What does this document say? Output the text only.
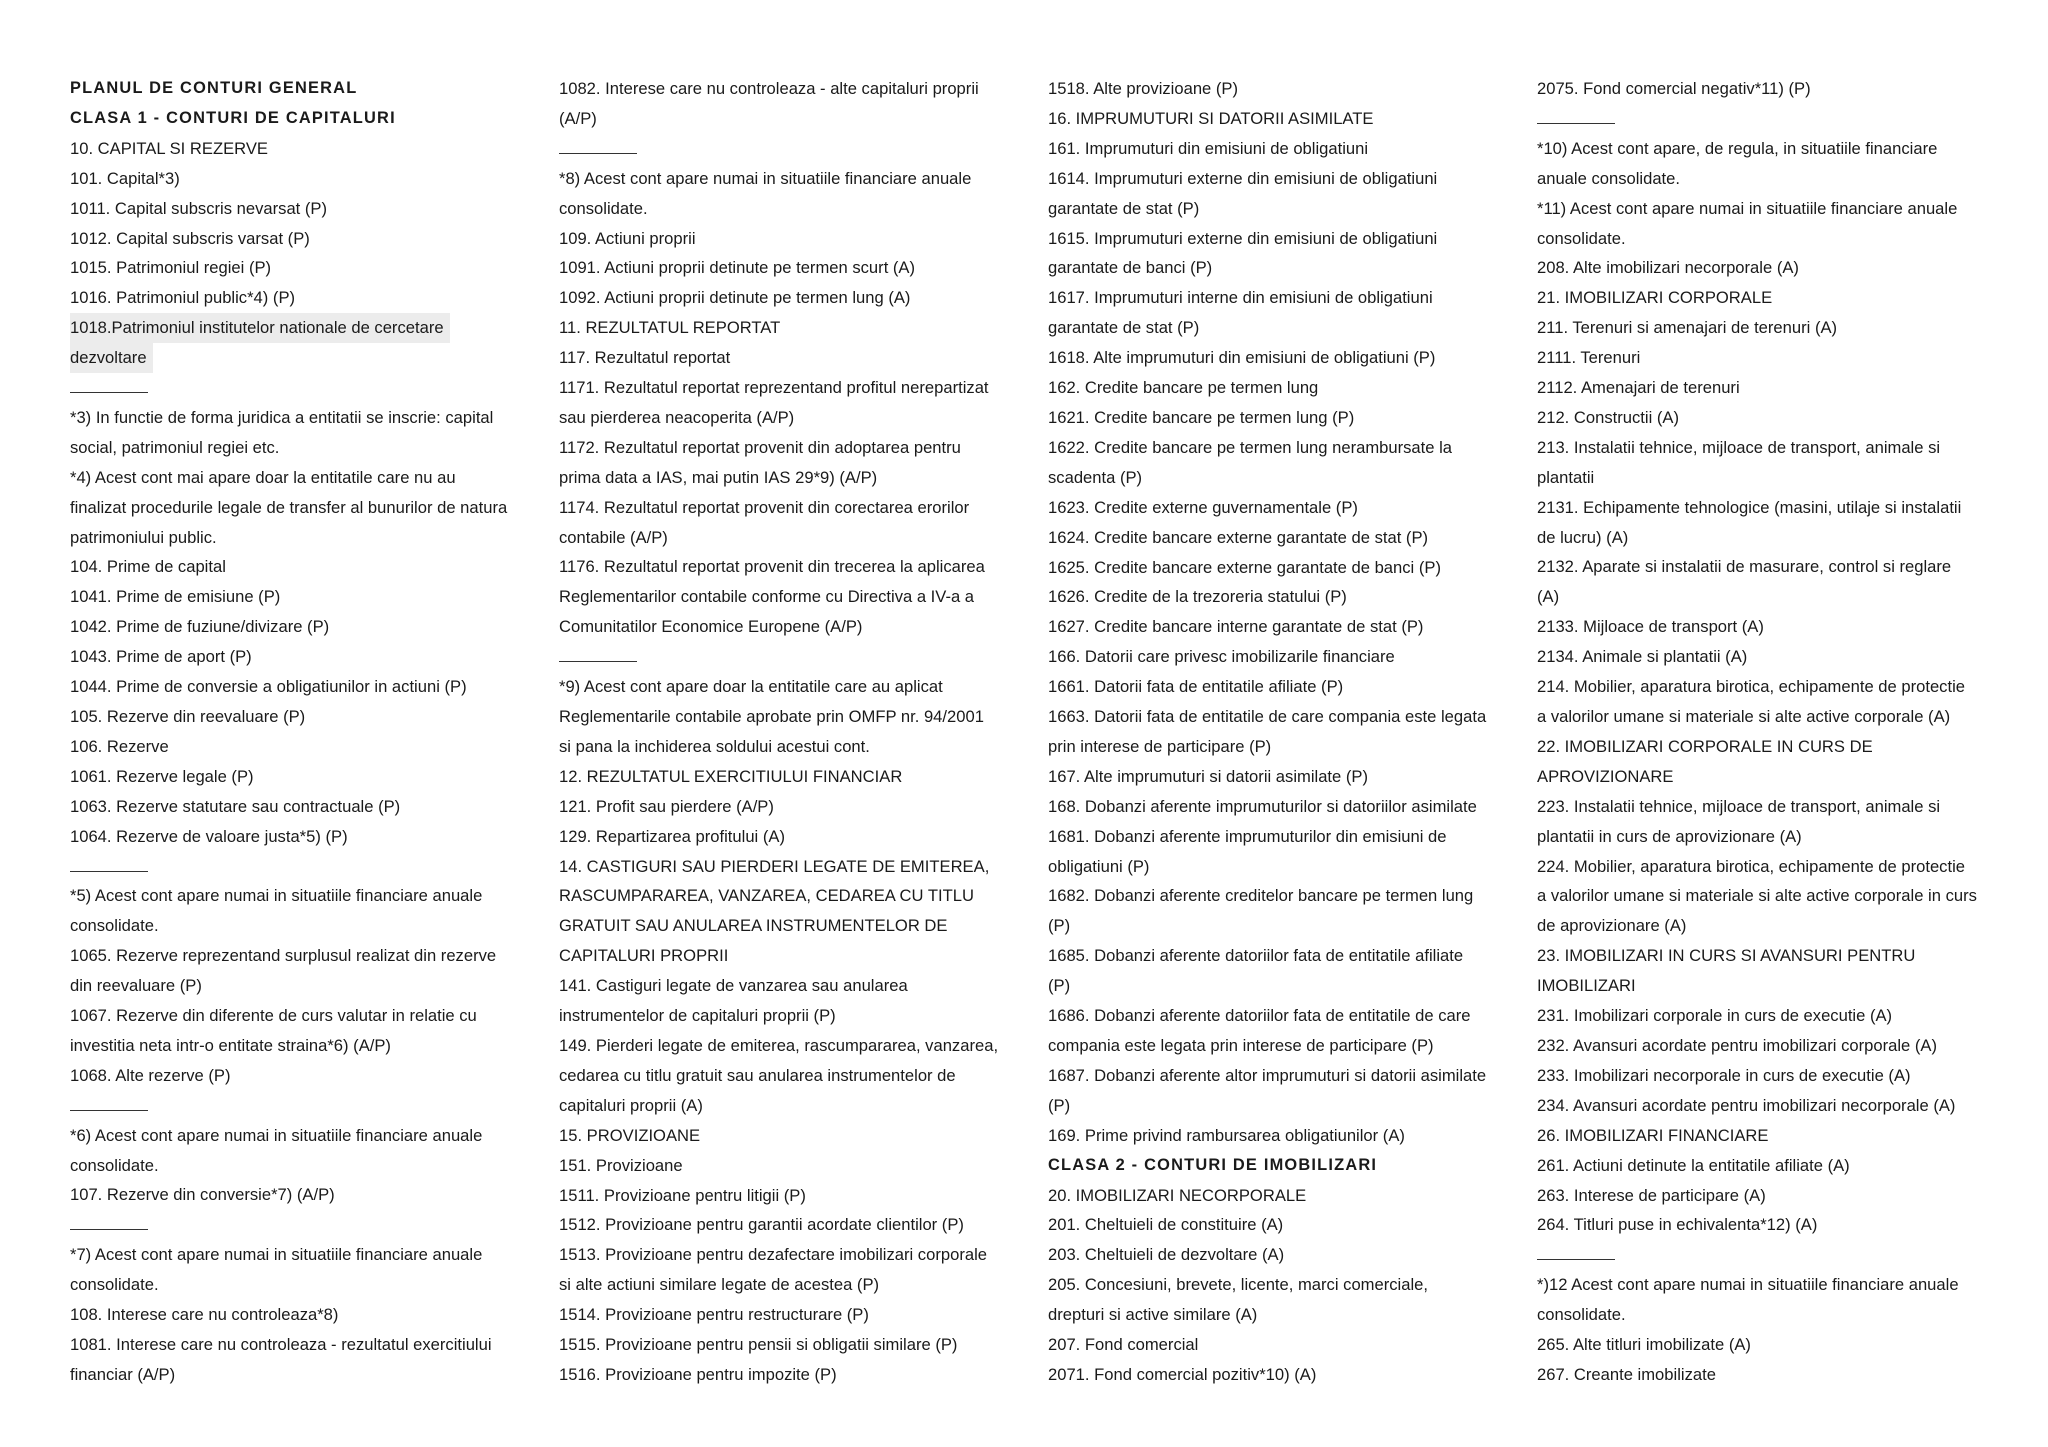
PLANUL DE CONTURI GENERAL
CLASA 1 - CONTURI DE CAPITALURI
10. CAPITAL SI REZERVE
101. Capital*3)
1011. Capital subscris nevarsat (P)
1012. Capital subscris varsat (P)
1015. Patrimoniul regiei (P)
1016. Patrimoniul public*4) (P)
1018.Patrimoniul institutelor nationale de cercetare
dezvoltare
*3) In functie de forma juridica a entitatii se inscrie: capital
social, patrimoniul regiei etc.
*4) Acest cont mai apare doar la entitatile care nu au
finalizat procedurile legale de transfer al bunurilor de natura
patrimoniului public.
104. Prime de capital
1041. Prime de emisiune (P)
1042. Prime de fuziune/divizare (P)
1043. Prime de aport (P)
1044. Prime de conversie a obligatiunilor in actiuni (P)
105. Rezerve din reevaluare (P)
106. Rezerve
1061. Rezerve legale (P)
1063. Rezerve statutare sau contractuale (P)
1064. Rezerve de valoare justa*5) (P)
*5) Acest cont apare numai in situatiile financiare anuale
consolidate.
1065. Rezerve reprezentand surplusul realizat din rezerve
din reevaluare (P)
1067. Rezerve din diferente de curs valutar in relatie cu
investitia neta intr-o entitate straina*6) (A/P)
1068. Alte rezerve (P)
*6) Acest cont apare numai in situatiile financiare anuale
consolidate.
107. Rezerve din conversie*7) (A/P)
*7) Acest cont apare numai in situatiile financiare anuale
consolidate.
108. Interese care nu controleaza*8)
1081. Interese care nu controleaza - rezultatul exercitiului
financiar (A/P)
1082. Interese care nu controleaza - alte capitaluri proprii
(A/P)
*8) Acest cont apare numai in situatiile financiare anuale
consolidate.
109. Actiuni proprii
1091. Actiuni proprii detinute pe termen scurt (A)
1092. Actiuni proprii detinute pe termen lung (A)
11. REZULTATUL REPORTAT
117. Rezultatul reportat
1171. Rezultatul reportat reprezentand profitul nerepartizat
sau pierderea neacoperita (A/P)
1172. Rezultatul reportat provenit din adoptarea pentru
prima data a IAS, mai putin IAS 29*9) (A/P)
1174. Rezultatul reportat provenit din corectarea erorilor
contabile (A/P)
1176. Rezultatul reportat provenit din trecerea la aplicarea
Reglementarilor contabile conforme cu Directiva a IV-a a
Comunitatilor Economice Europene (A/P)
*9) Acest cont apare doar la entitatile care au aplicat
Reglementarile contabile aprobate prin OMFP nr. 94/2001
si pana la inchiderea soldului acestui cont.
12. REZULTATUL EXERCITIULUI FINANCIAR
121. Profit sau pierdere (A/P)
129. Repartizarea profitului (A)
14. CASTIGURI SAU PIERDERI LEGATE DE EMITEREA,
RASCUMPARAREA, VANZAREA, CEDAREA CU TITLU
GRATUIT SAU ANULAREA INSTRUMENTELOR DE
CAPITALURI PROPRII
141. Castiguri legate de vanzarea sau anularea
instrumentelor de capitaluri proprii (P)
149. Pierderi legate de emiterea, rascumpararea, vanzarea,
cedarea cu titlu gratuit sau anularea instrumentelor de
capitaluri proprii (A)
15. PROVIZIOANE
151. Provizioane
1511. Provizioane pentru litigii (P)
1512. Provizioane pentru garantii acordate clientilor (P)
1513. Provizioane pentru dezafectare imobilizari corporale
si alte actiuni similare legate de acestea (P)
1514. Provizioane pentru restructurare (P)
1515. Provizioane pentru pensii si obligatii similare (P)
1516. Provizioane pentru impozite (P)
1518. Alte provizioane (P)
16. IMPRUMUTURI SI DATORII ASIMILATE
161. Imprumuturi din emisiuni de obligatiuni
1614. Imprumuturi externe din emisiuni de obligatiuni
garantate de stat (P)
1615. Imprumuturi externe din emisiuni de obligatiuni
garantate de banci (P)
1617. Imprumuturi interne din emisiuni de obligatiuni
garantate de stat (P)
1618. Alte imprumuturi din emisiuni de obligatiuni (P)
162. Credite bancare pe termen lung
1621. Credite bancare pe termen lung (P)
1622. Credite bancare pe termen lung nerambursate la
scadenta (P)
1623. Credite externe guvernamentale (P)
1624. Credite bancare externe garantate de stat (P)
1625. Credite bancare externe garantate de banci (P)
1626. Credite de la trezoreria statului (P)
1627. Credite bancare interne garantate de stat (P)
166. Datorii care privesc imobilizarile financiare
1661. Datorii fata de entitatile afiliate (P)
1663. Datorii fata de entitatile de care compania este legata
prin interese de participare (P)
167. Alte imprumuturi si datorii asimilate (P)
168. Dobanzi aferente imprumuturilor si datoriilor asimilate
1681. Dobanzi aferente imprumuturilor din emisiuni de
obligatiuni (P)
1682. Dobanzi aferente creditelor bancare pe termen lung
(P)
1685. Dobanzi aferente datoriilor fata de entitatile afiliate
(P)
1686. Dobanzi aferente datoriilor fata de entitatile de care
compania este legata prin interese de participare (P)
1687. Dobanzi aferente altor imprumuturi si datorii asimilate
(P)
169. Prime privind rambursarea obligatiunilor (A)
CLASA 2 - CONTURI DE IMOBILIZARI
20. IMOBILIZARI NECORPORALE
201. Cheltuieli de constituire (A)
203. Cheltuieli de dezvoltare (A)
205. Concesiuni, brevete, licente, marci comerciale,
drepturi si active similare (A)
207. Fond comercial
2071. Fond comercial pozitiv*10) (A)
2075. Fond comercial negativ*11) (P)
*10) Acest cont apare, de regula, in situatiile financiare
anuale consolidate.
*11) Acest cont apare numai in situatiile financiare anuale
consolidate.
208. Alte imobilizari necorporale (A)
21. IMOBILIZARI CORPORALE
211. Terenuri si amenajari de terenuri (A)
2111. Terenuri
2112. Amenajari de terenuri
212. Constructii (A)
213. Instalatii tehnice, mijloace de transport, animale si
plantatii
2131. Echipamente tehnologice (masini, utilaje si instalatii
de lucru) (A)
2132. Aparate si instalatii de masurare, control si reglare
(A)
2133. Mijloace de transport (A)
2134. Animale si plantatii (A)
214. Mobilier, aparatura birotica, echipamente de protectie
a valorilor umane si materiale si alte active corporale (A)
22. IMOBILIZARI CORPORALE IN CURS DE
APROVIZIONARE
223. Instalatii tehnice, mijloace de transport, animale si
plantatii in curs de aprovizionare (A)
224. Mobilier, aparatura birotica, echipamente de protectie
a valorilor umane si materiale si alte active corporale in curs
de aprovizionare (A)
23. IMOBILIZARI IN CURS SI AVANSURI PENTRU
IMOBILIZARI
231. Imobilizari corporale in curs de executie (A)
232. Avansuri acordate pentru imobilizari corporale (A)
233. Imobilizari necorporale in curs de executie (A)
234. Avansuri acordate pentru imobilizari necorporale (A)
26. IMOBILIZARI FINANCIARE
261. Actiuni detinute la entitatile afiliate (A)
263. Interese de participare (A)
264. Titluri puse in echivalenta*12) (A)
*)12 Acest cont apare numai in situatiile financiare anuale
consolidate.
265. Alte titluri imobilizate (A)
267. Creante imobilizate
